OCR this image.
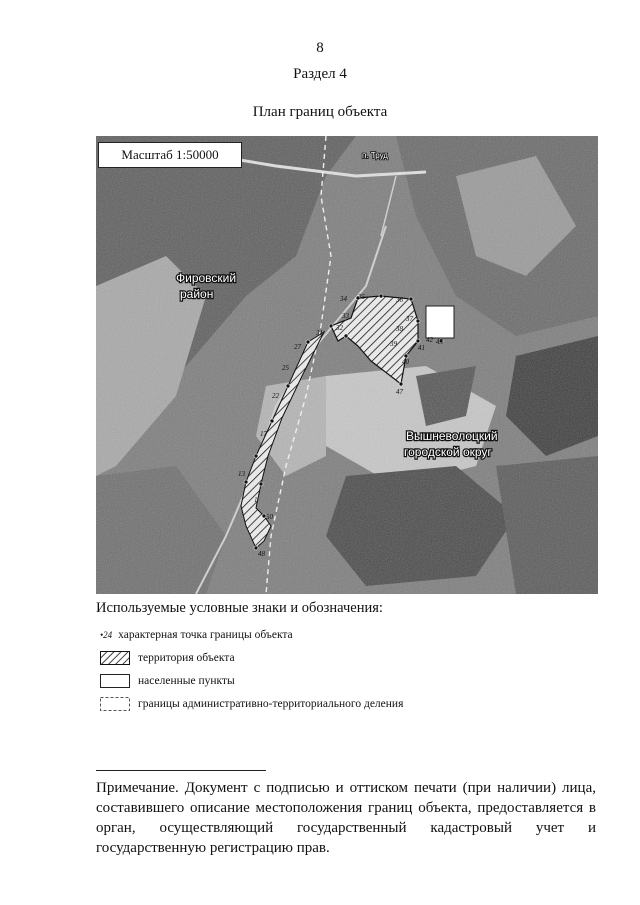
8
Раздел 4
План границ объекта
34 35	36
37
38
39
40
41
42 43
47
33
32
31
27
25
22
17
13
1
50
48
Фировский
район
Вышневолоцкий
городской округ
п. Труд
Масштаб 1:50000
Используемые условные знаки и обозначения:
•24 характерная точка границы объекта
территория объекта
населенные пункты
границы административно-территориального деления
Примечание. Документ с подписью и оттиском печати (при наличии) лица, составившего описание местоположения границ объекта, предоставляется в орган, осуществляющий государственный кадастровый учет и государственную регистрацию прав.
